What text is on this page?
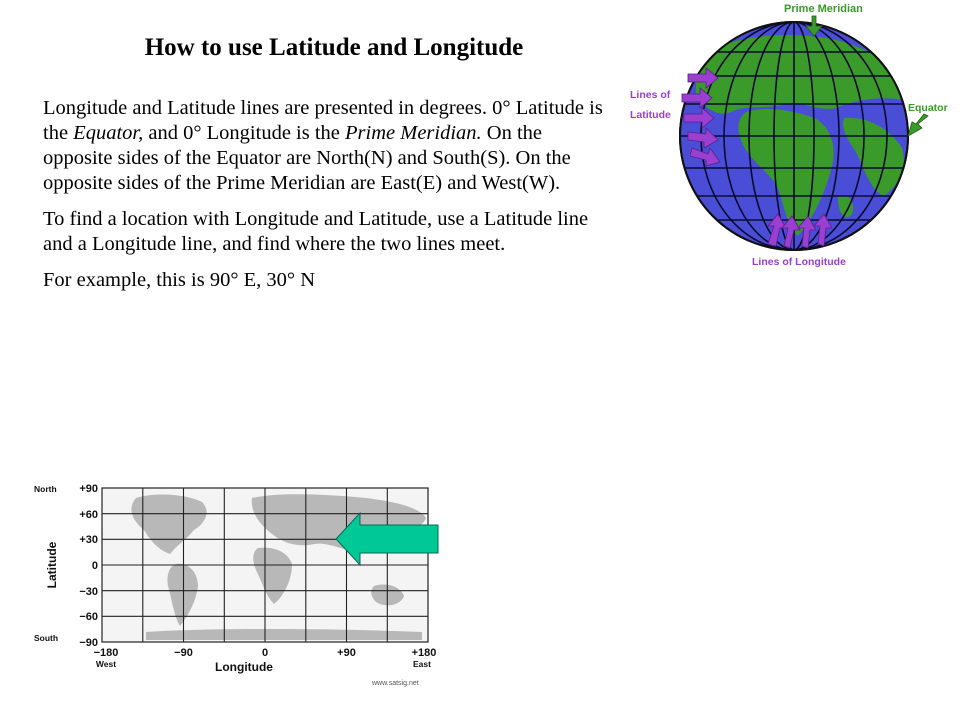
How to use Latitude and Longitude

Longitude and Latitude lines are presented in degrees. 0° Latitude is the Equator, and 0° Longitude is the Prime Meridian. On the opposite sides of the Equator are North(N) and South(S). On the opposite sides of the Prime Meridian are East(E) and West(W).

To find a location with Longitude and Latitude, use a Latitude line and a Longitude line, and find where the two lines meet.

For example, this is 90° E, 30° N

Prime Meridian
Lines of
Latitude
Equator
Lines of Longitude
+90
+60
+30
0
−30
−60
−90
North
South
Latitude
−180	−90	0	+90	+180
West	East
Longitude
www.satsig.net
